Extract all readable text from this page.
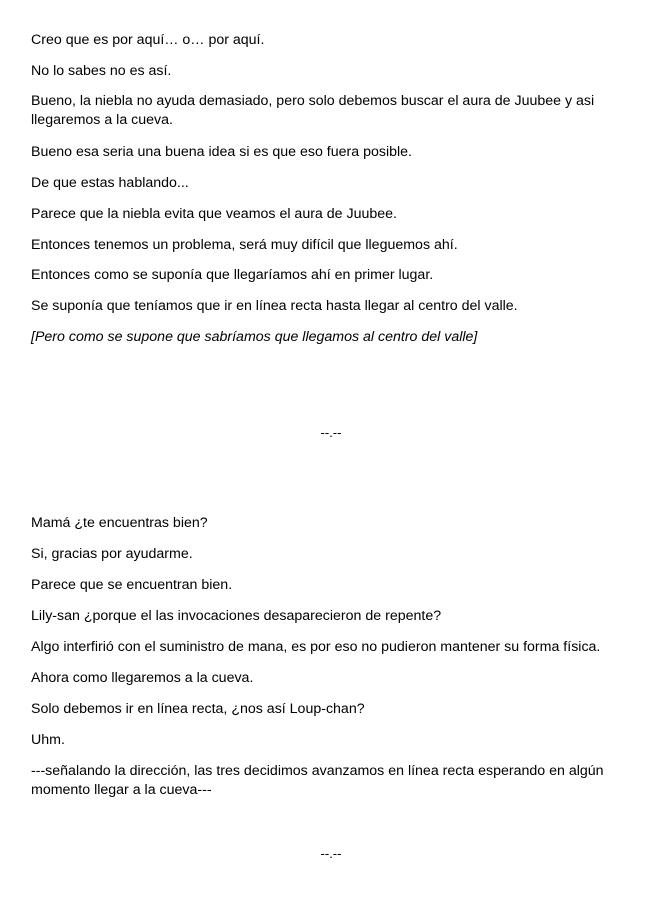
Creo que es por aquí… o… por aquí.

No lo sabes no es así.

Bueno, la niebla no ayuda demasiado, pero solo debemos buscar el aura de Juubee y asi llegaremos a la cueva.

Bueno esa seria una buena idea si es que eso fuera posible.

De que estas hablando...

Parece que la niebla evita que veamos el aura de Juubee.

Entonces tenemos un problema, será muy difícil que lleguemos ahí.

Entonces como se suponía que llegaríamos ahí en primer lugar.

Se suponía que teníamos que ir en línea recta hasta llegar al centro del valle.

[Pero como se supone que sabríamos que llegamos al centro del valle]

--.--

Mamá ¿te encuentras bien?

Si, gracias por ayudarme.

Parece que se encuentran bien.

Lily-san ¿porque el las invocaciones desaparecieron de repente?

Algo interfirió con el suministro de mana, es por eso no pudieron mantener su forma física.

Ahora como llegaremos a la cueva.

Solo debemos ir en línea recta, ¿nos así Loup-chan?

Uhm.

---señalando la dirección, las tres decidimos avanzamos en línea recta esperando en algún momento llegar a la cueva---

--.--
